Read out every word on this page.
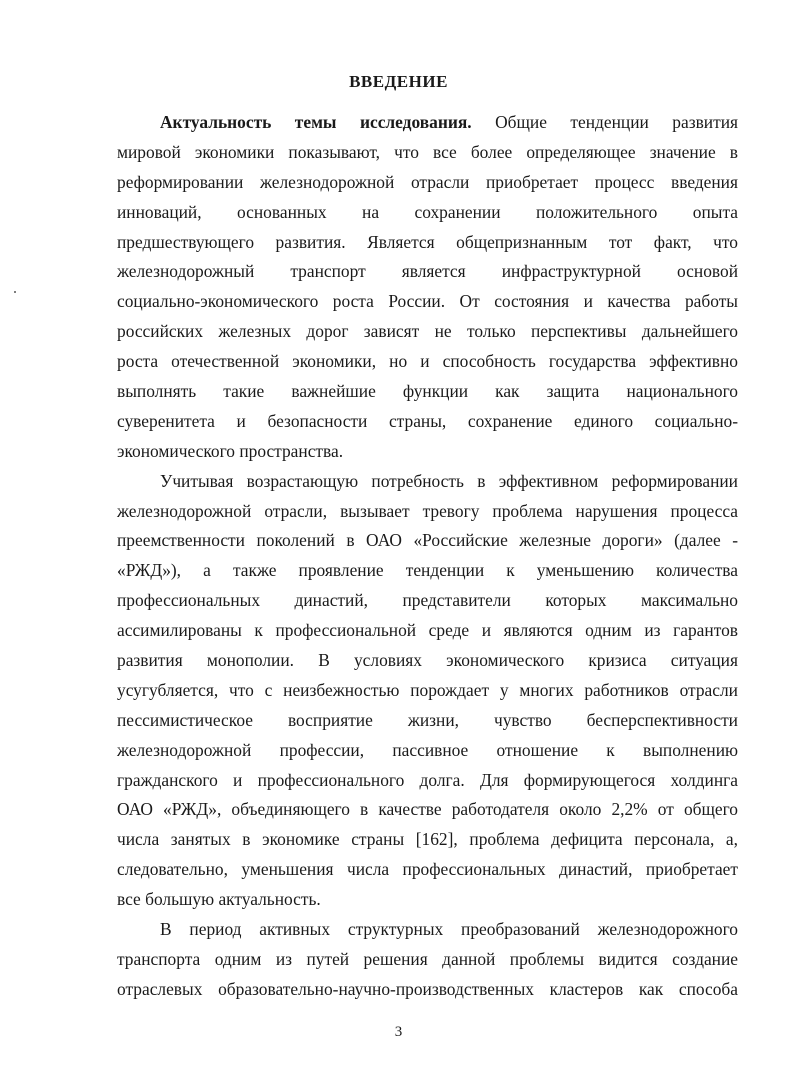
ВВЕДЕНИЕ
Актуальность темы исследования. Общие тенденции развития
мировой экономики показывают, что все более определяющее значение в
реформировании железнодорожной отрасли приобретает процесс введения
инноваций, основанных на сохранении положительного опыта
предшествующего развития. Является общепризнанным тот факт, что
железнодорожный транспорт является инфраструктурной основой
социально-экономического роста России. От состояния и качества работы
российских железных дорог зависят не только перспективы дальнейшего
роста отечественной экономики, но и способность государства эффективно
выполнять такие важнейшие функции как защита национального
суверенитета и безопасности страны, сохранение единого социально-
экономического пространства.
Учитывая возрастающую потребность в эффективном реформировании
железнодорожной отрасли, вызывает тревогу проблема нарушения процесса
преемственности поколений в ОАО «Российские железные дороги» (далее -
«РЖД»), а также проявление тенденции к уменьшению количества
профессиональных династий, представители которых максимально
ассимилированы к профессиональной среде и являются одним из гарантов
развития монополии. В условиях экономического кризиса ситуация
усугубляется, что с неизбежностью порождает у многих работников отрасли
пессимистическое восприятие жизни, чувство бесперспективности
железнодорожной профессии, пассивное отношение к выполнению
гражданского и профессионального долга. Для формирующегося холдинга
ОАО «РЖД», объединяющего в качестве работодателя около 2,2% от общего
числа занятых в экономике страны [162], проблема дефицита персонала, а,
следовательно, уменьшения числа профессиональных династий, приобретает
все большую актуальность.
В период активных структурных преобразований железнодорожного
транспорта одним из путей решения данной проблемы видится создание
отраслевых образовательно-научно-производственных кластеров как способа
3
